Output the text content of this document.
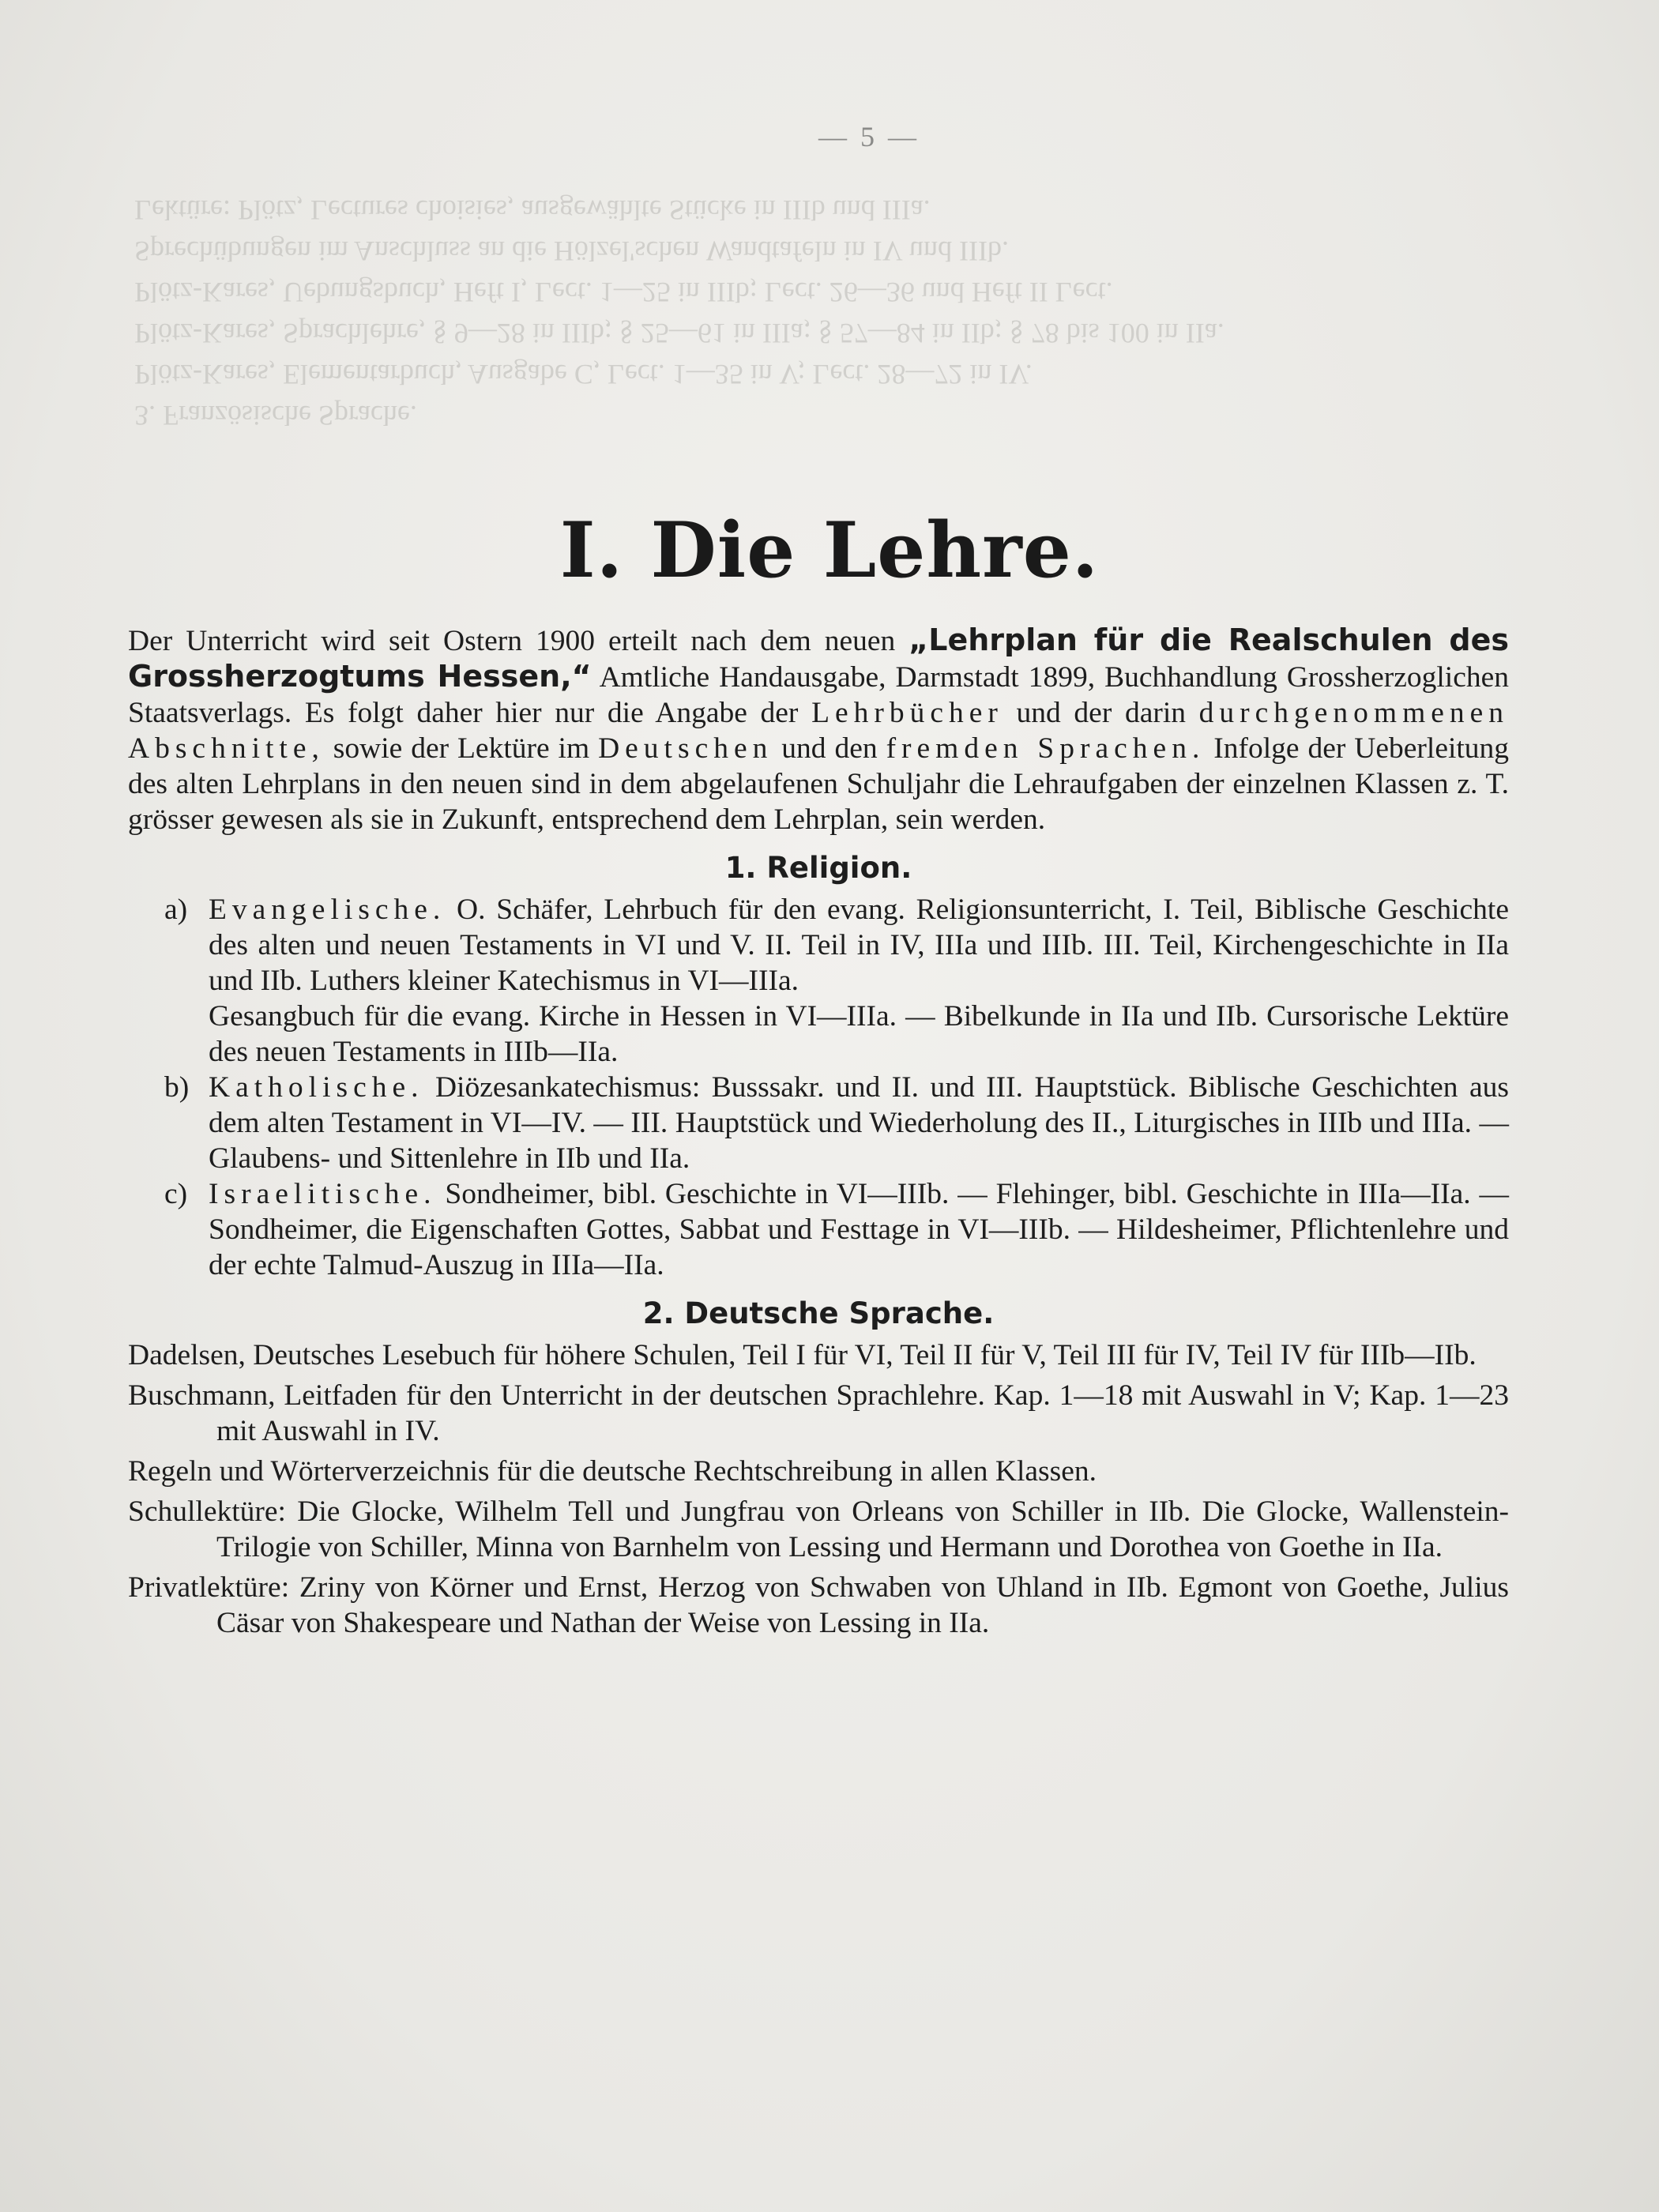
3. Französische Sprache.

Plötz-Kares, Elementarbuch, Ausgabe C, Lect. 1—35 in V; Lect. 28—72 in IV.

Plötz-Kares, Sprachlehre, § 9—28 in IIIb; § 25—61 in IIIa; § 57—84 in IIb; § 78 bis 100 in IIa.

Plötz-Kares, Uebungsbuch, Heft I, Lect. 1—25 in IIIb; Lect. 26—36 und Heft II Lect.

Sprechübungen im Anschluss an die Hölzel'schen Wandtafeln in IV und IIIb.

Lektüre: Plötz, Lectures choisies, ausgewählte Stücke in IIIb und IIIa.

— 5 —
I. Die Lehre.

Der Unterricht wird seit Ostern 1900 erteilt nach dem neuen „Lehrplan für die Realschulen des Grossherzogtums Hessen,“ Amtliche Handausgabe, Darmstadt 1899, Buchhandlung Grossherzoglichen Staatsverlags. Es folgt daher hier nur die Angabe der Lehrbücher und der darin durchgenommenen Abschnitte, sowie der Lektüre im Deutschen und den fremden Sprachen. Infolge der Ueberleitung des alten Lehrplans in den neuen sind in dem abgelaufenen Schuljahr die Lehraufgaben der einzelnen Klassen z. T. grösser gewesen als sie in Zukunft, entsprechend dem Lehrplan, sein werden.

1. Religion.
a) Evangelische. O. Schäfer, Lehrbuch für den evang. Religionsunterricht, I. Teil, Biblische Geschichte des alten und neuen Testaments in VI und V. II. Teil in IV, IIIa und IIIb. III. Teil, Kirchengeschichte in IIa und IIb. Luthers kleiner Katechismus in VI—IIIa.
Gesangbuch für die evang. Kirche in Hessen in VI—IIIa. — Bibelkunde in IIa und IIb. Cursorische Lektüre des neuen Testaments in IIIb—IIa.
b) Katholische. Diözesankatechismus: Busssakr. und II. und III. Hauptstück. Biblische Geschichten aus dem alten Testament in VI—IV. — III. Hauptstück und Wiederholung des II., Liturgisches in IIIb und IIIa. — Glaubens- und Sittenlehre in IIb und IIa.
c) Israelitische. Sondheimer, bibl. Geschichte in VI—IIIb. — Flehinger, bibl. Geschichte in IIIa—IIa. — Sondheimer, die Eigenschaften Gottes, Sabbat und Festtage in VI—IIIb. — Hildesheimer, Pflichtenlehre und der echte Talmud-Auszug in IIIa—IIa.
2. Deutsche Sprache.

Dadelsen, Deutsches Lesebuch für höhere Schulen, Teil I für VI, Teil II für V, Teil III für IV, Teil IV für IIIb—IIb.

Buschmann, Leitfaden für den Unterricht in der deutschen Sprachlehre. Kap. 1—18 mit Auswahl in V; Kap. 1—23 mit Auswahl in IV.

Regeln und Wörterverzeichnis für die deutsche Rechtschreibung in allen Klassen.

Schullektüre: Die Glocke, Wilhelm Tell und Jungfrau von Orleans von Schiller in IIb. Die Glocke, Wallenstein-Trilogie von Schiller, Minna von Barnhelm von Lessing und Hermann und Dorothea von Goethe in IIa.

Privatlektüre: Zriny von Körner und Ernst, Herzog von Schwaben von Uhland in IIb. Egmont von Goethe, Julius Cäsar von Shakespeare und Nathan der Weise von Lessing in IIa.
